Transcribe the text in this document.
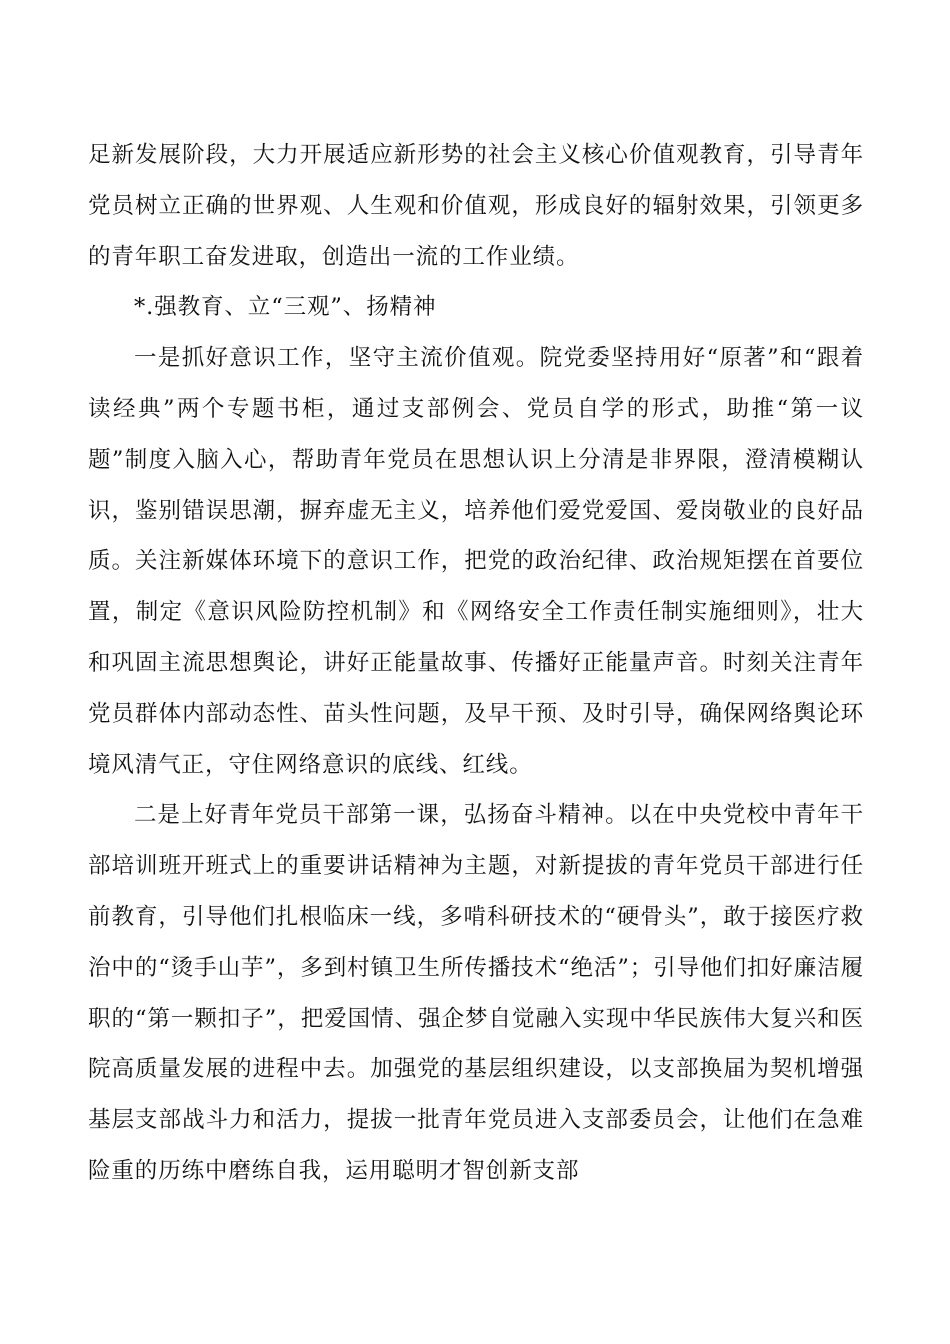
足新发展阶段，大力开展适应新形势的社会主义核心价值观教育，引导青年党员树立正确的世界观、人生观和价值观，形成良好的辐射效果，引领更多的青年职工奋发进取，创造出一流的工作业绩。

*.强教育、立“三观”、扬精神

一是抓好意识工作，坚守主流价值观。院党委坚持用好“原著”和“跟着读经典”两个专题书柜，通过支部例会、党员自学的形式，助推“第一议题”制度入脑入心，帮助青年党员在思想认识上分清是非界限，澄清模糊认识，鉴别错误思潮，摒弃虚无主义，培养他们爱党爱国、爱岗敬业的良好品质。关注新媒体环境下的意识工作，把党的政治纪律、政治规矩摆在首要位置，制定《意识风险防控机制》和《网络安全工作责任制实施细则》，壮大和巩固主流思想舆论，讲好正能量故事、传播好正能量声音。时刻关注青年党员群体内部动态性、苗头性问题，及早干预、及时引导，确保网络舆论环境风清气正，守住网络意识的底线、红线。

二是上好青年党员干部第一课，弘扬奋斗精神。以在中央党校中青年干部培训班开班式上的重要讲话精神为主题，对新提拔的青年党员干部进行任前教育，引导他们扎根临床一线，多啃科研技术的“硬骨头”，敢于接医疗救治中的“烫手山芋”，多到村镇卫生所传播技术“绝活”；引导他们扣好廉洁履职的“第一颗扣子”，把爱国情、强企梦自觉融入实现中华民族伟大复兴和医院高质量发展的进程中去。加强党的基层组织建设，以支部换届为契机增强基层支部战斗力和活力，提拔一批青年党员进入支部委员会，让他们在急难险重的历练中磨练自我，运用聪明才智创新支部
